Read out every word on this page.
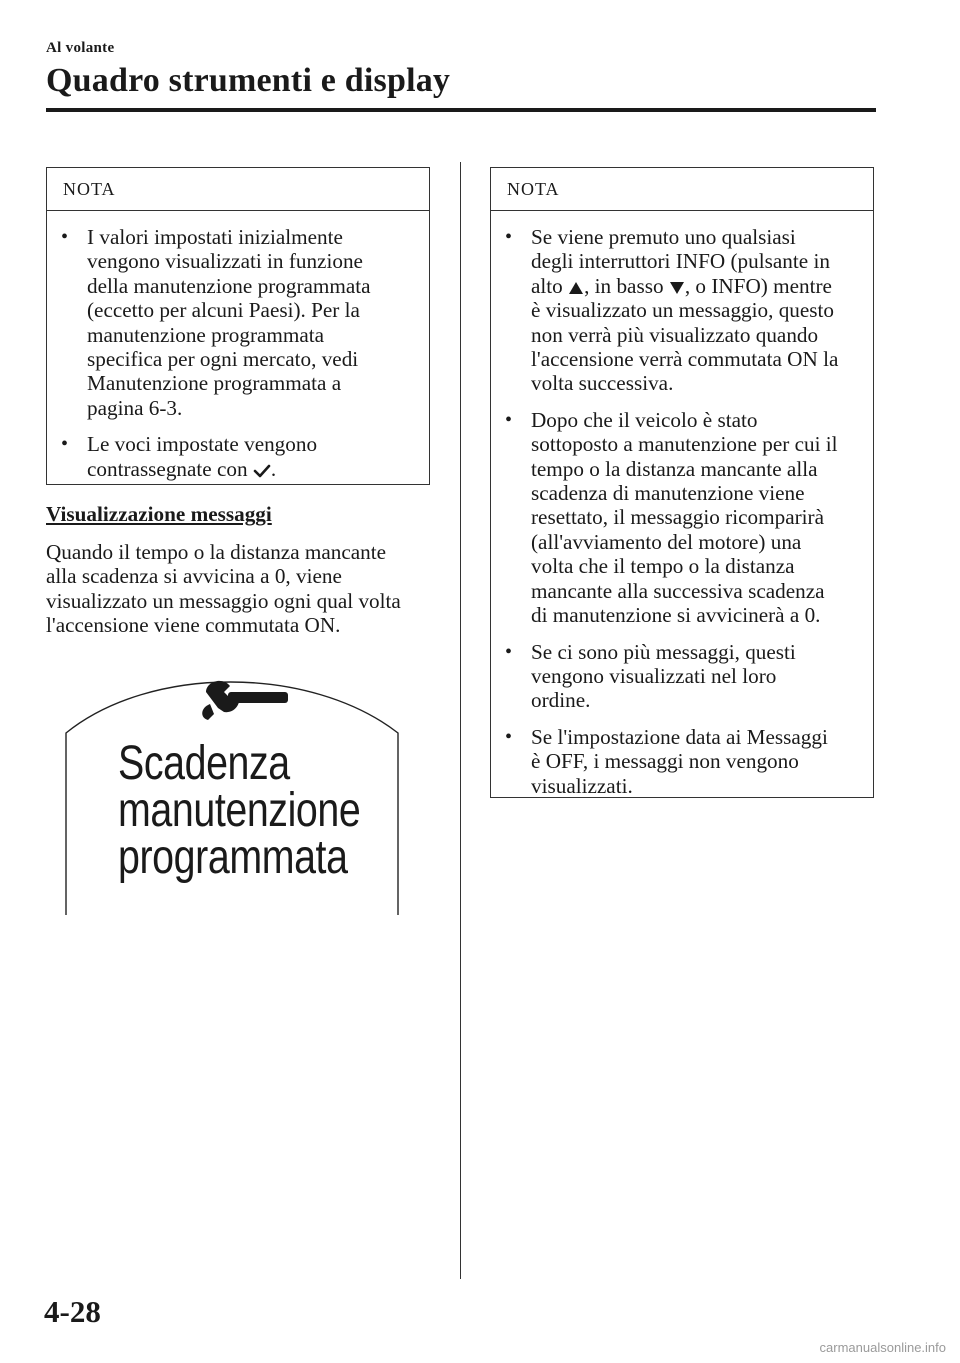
Al volante
Quadro strumenti e display
NOTA
• I valori impostati inizialmente
vengono visualizzati in funzione
della manutenzione programmata
(eccetto per alcuni Paesi). Per la
manutenzione programmata
specifica per ogni mercato, vedi
Manutenzione programmata a
pagina 6-3.
• Le voci impostate vengono
contrassegnate con .
Visualizzazione messaggi
Quando il tempo o la distanza mancante
alla scadenza si avvicina a 0, viene
visualizzato un messaggio ogni qual volta
l'accensione viene commutata ON.
Scadenza
manutenzione
programmata
NOTA
• Se viene premuto uno qualsiasi
degli interruttori INFO (pulsante in
alto , in basso , o INFO) mentre
è visualizzato un messaggio, questo
non verrà più visualizzato quando
l'accensione verrà commutata ON la
volta successiva.
• Dopo che il veicolo è stato
sottoposto a manutenzione per cui il
tempo o la distanza mancante alla
scadenza di manutenzione viene
resettato, il messaggio ricomparirà
(all'avviamento del motore) una
volta che il tempo o la distanza
mancante alla successiva scadenza
di manutenzione si avvicinerà a 0.
• Se ci sono più messaggi, questi
vengono visualizzati nel loro
ordine.
• Se l'impostazione data ai Messaggi
è OFF, i messaggi non vengono
visualizzati.
4-28
carmanualsonline.info
